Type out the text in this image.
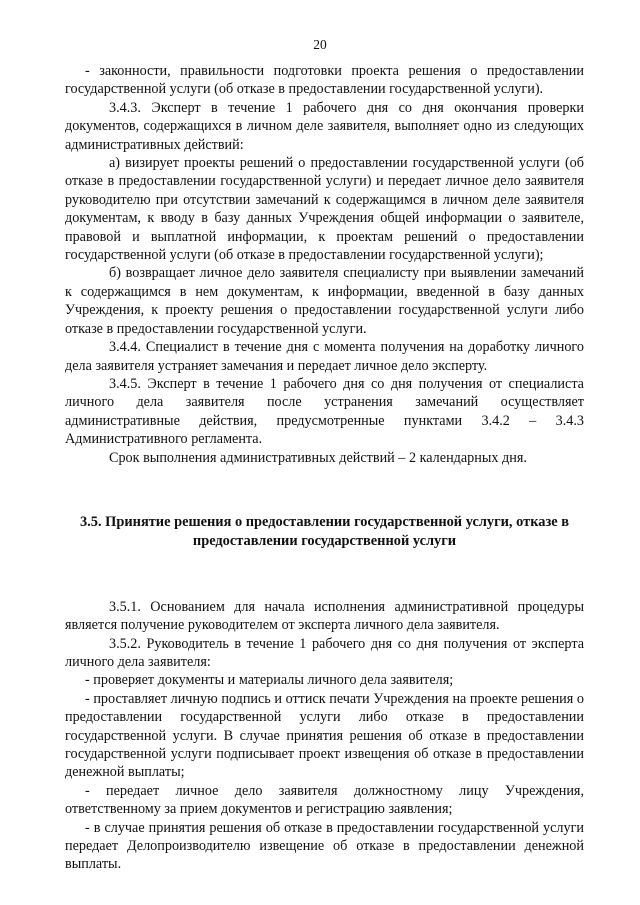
20

- законности, правильности подготовки проекта решения о предоставлении государственной услуги (об отказе в предоставлении государственной услуги).

3.4.3. Эксперт в течение 1 рабочего дня со дня окончания проверки документов, содержащихся в личном деле заявителя, выполняет одно из следующих административных действий:

а) визирует проекты решений о предоставлении государственной услуги (об отказе в предоставлении государственной услуги) и передает личное дело заявителя руководителю при отсутствии замечаний к содержащимся в личном деле заявителя документам, к вводу в базу данных Учреждения общей информации о заявителе, правовой и выплатной информации, к проектам решений о предоставлении государственной услуги (об отказе в предоставлении государственной услуги);

б) возвращает личное дело заявителя специалисту при выявлении замечаний к содержащимся в нем документам, к информации, введенной в базу данных Учреждения, к проекту решения о предоставлении государственной услуги либо отказе в предоставлении государственной услуги.

3.4.4. Специалист в течение дня с момента получения на доработку личного дела заявителя устраняет замечания и передает личное дело эксперту.

3.4.5. Эксперт в течение 1 рабочего дня со дня получения от специалиста личного дела заявителя после устранения замечаний осуществляет административные действия, предусмотренные пунктами 3.4.2 – 3.4.3 Административного регламента.

Срок выполнения административных действий – 2 календарных дня.

3.5. Принятие решения о предоставлении государственной услуги, отказе в предоставлении государственной услуги

3.5.1. Основанием для начала исполнения административной процедуры является получение руководителем от эксперта личного дела заявителя.

3.5.2. Руководитель в течение 1 рабочего дня со дня получения от эксперта личного дела заявителя:

- проверяет документы и материалы личного дела заявителя;

- проставляет личную подпись и оттиск печати Учреждения на проекте решения о предоставлении государственной услуги либо отказе в предоставлении государственной услуги. В случае принятия решения об отказе в предоставлении государственной услуги подписывает проект извещения об отказе в предоставлении денежной выплаты;

- передает личное дело заявителя должностному лицу Учреждения, ответственному за прием документов и регистрацию заявления;

- в случае принятия решения об отказе в предоставлении государственной услуги передает Делопроизводителю извещение об отказе в предоставлении денежной выплаты.
